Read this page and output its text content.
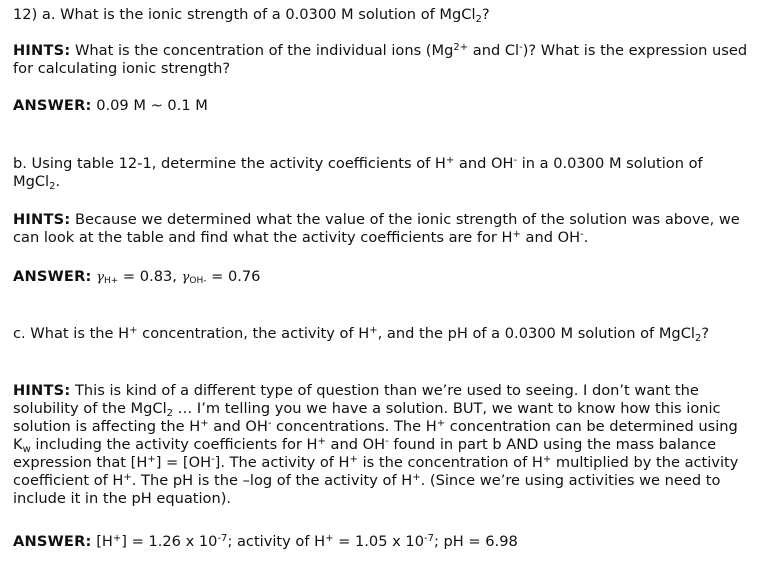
12) a. What is the ionic strength of a 0.0300 M solution of MgCl$_2$?
HINTS: What is the concentration of the individual ions ($Mg^{2+}$ and Cl-)? What is the expression used for calculating ionic strength?
ANSWER: 0.09 M ~ 0.1 M
b. Using table 12-1, determine the activity coefficients of H+ and OH- in a 0.0300 M solution of MgCl$_2$.
HINTS: Because we determined what the value of the ionic strength of the solution was above, we can look at the table and find what the activity coefficients are for H+ and OH-.
ANSWER: γH+ = 0.83, γOH- = 0.76
c. What is the H+ concentration, the activity of H+, and the pH of a 0.0300 M solution of MgCl$_2$?
HINTS: This is kind of a different type of question than we’re used to seeing. I don’t want the solubility of the MgCl$_2$ … I’m telling you we have a solution. BUT, we want to know how this ionic solution is affecting the H+ and OH- concentrations. The H+ concentration can be determined using $K_w$ including the activity coefficients for H+ and OH- found in part b AND using the mass balance expression that [H+] = [OH-]. The activity of H+ is the concentration of H+ multiplied by the activity coefficient of H+. The pH is the –log of the activity of H+. (Since we’re using activities we need to include it in the pH equation).
ANSWER: [H+] = 1.26 x $10^{-7}$; activity of H+ = 1.05 x $10^{-7}$; pH = 6.98
